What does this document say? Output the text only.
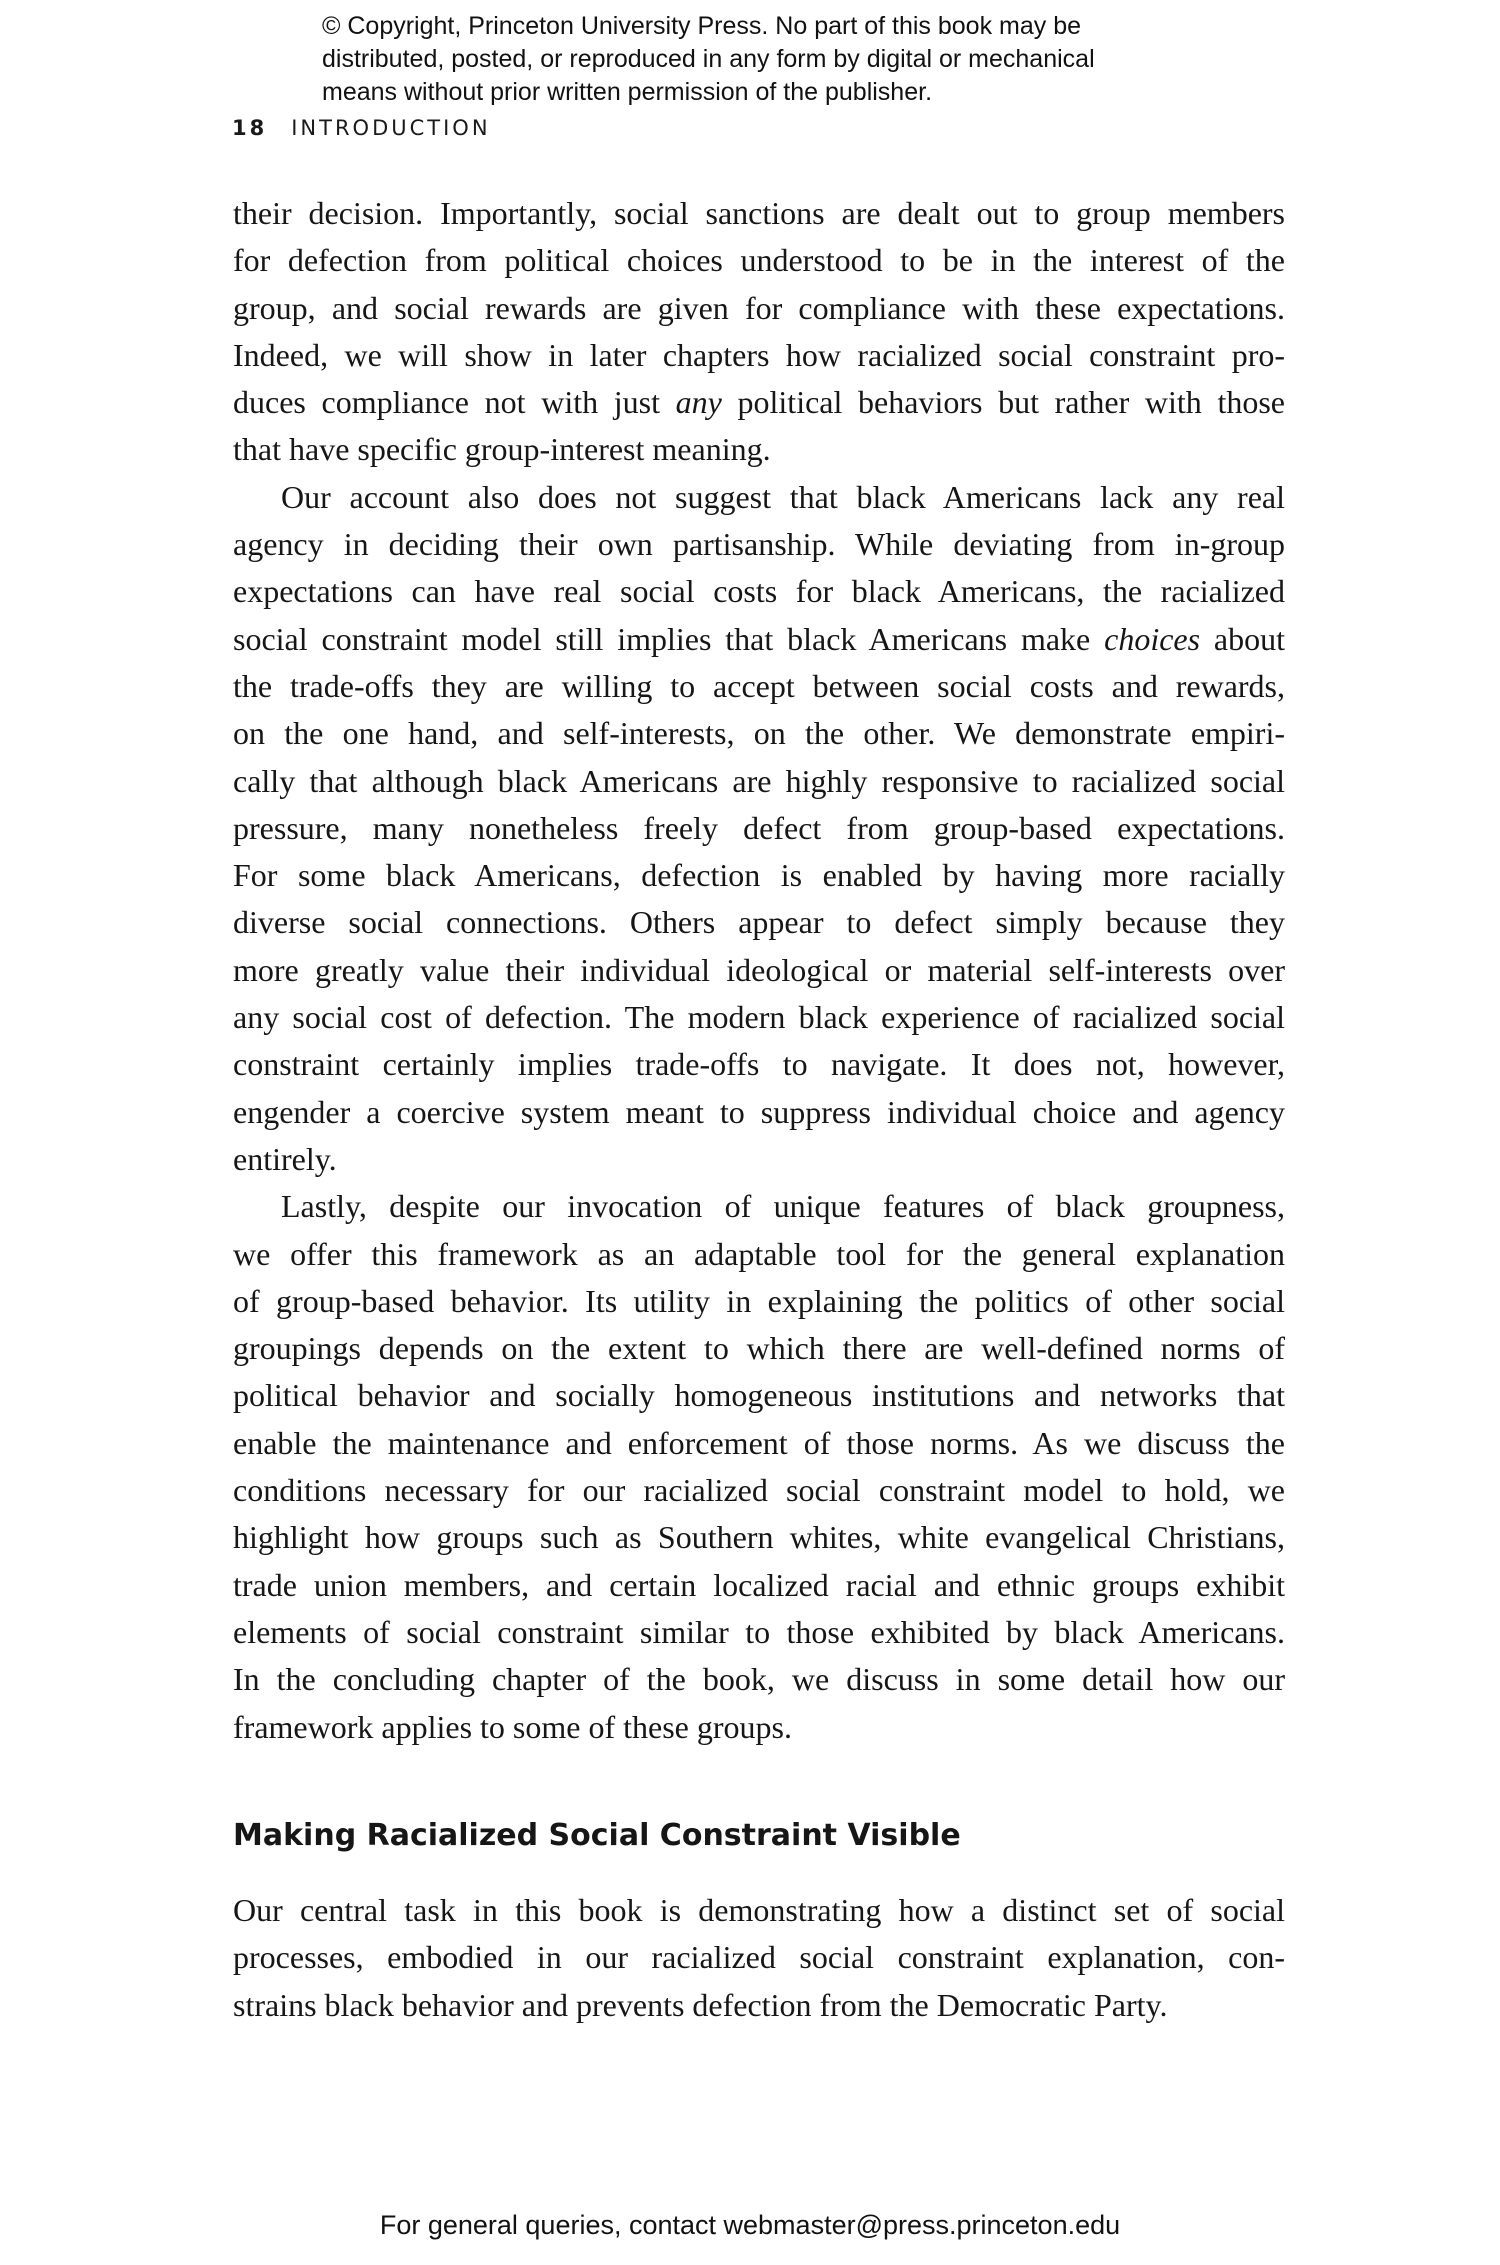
© Copyright, Princeton University Press. No part of this book may be
distributed, posted, or reproduced in any form by digital or mechanical
means without prior written permission of the publisher.
18 INTRODUCTION

their decision. Importantly, social sanctions are dealt out to group members
for defection from political choices understood to be in the interest of the
group, and social rewards are given for compliance with these expectations.
Indeed, we will show in later chapters how racialized social constraint pro-
duces compliance not with just any political behaviors but rather with those
that have specific group-interest meaning.

Our account also does not suggest that black Americans lack any real
agency in deciding their own partisanship. While deviating from in-group
expectations can have real social costs for black Americans, the racialized
social constraint model still implies that black Americans make choices about
the trade-offs they are willing to accept between social costs and rewards,
on the one hand, and self-interests, on the other. We demonstrate empiri-
cally that although black Americans are highly responsive to racialized social
pressure, many nonetheless freely defect from group-based expectations.
For some black Americans, defection is enabled by having more racially
diverse social connections. Others appear to defect simply because they
more greatly value their individual ideological or material self-interests over
any social cost of defection. The modern black experience of racialized social
constraint certainly implies trade-offs to navigate. It does not, however,
engender a coercive system meant to suppress individual choice and agency
entirely.

Lastly, despite our invocation of unique features of black groupness,
we offer this framework as an adaptable tool for the general explanation
of group-based behavior. Its utility in explaining the politics of other social
groupings depends on the extent to which there are well-defined norms of
political behavior and socially homogeneous institutions and networks that
enable the maintenance and enforcement of those norms. As we discuss the
conditions necessary for our racialized social constraint model to hold, we
highlight how groups such as Southern whites, white evangelical Christians,
trade union members, and certain localized racial and ethnic groups exhibit
elements of social constraint similar to those exhibited by black Americans.
In the concluding chapter of the book, we discuss in some detail how our
framework applies to some of these groups.

Making Racialized Social Constraint Visible

Our central task in this book is demonstrating how a distinct set of social
processes, embodied in our racialized social constraint explanation, con-
strains black behavior and prevents defection from the Democratic Party.

For general queries, contact webmaster@press.princeton.edu
